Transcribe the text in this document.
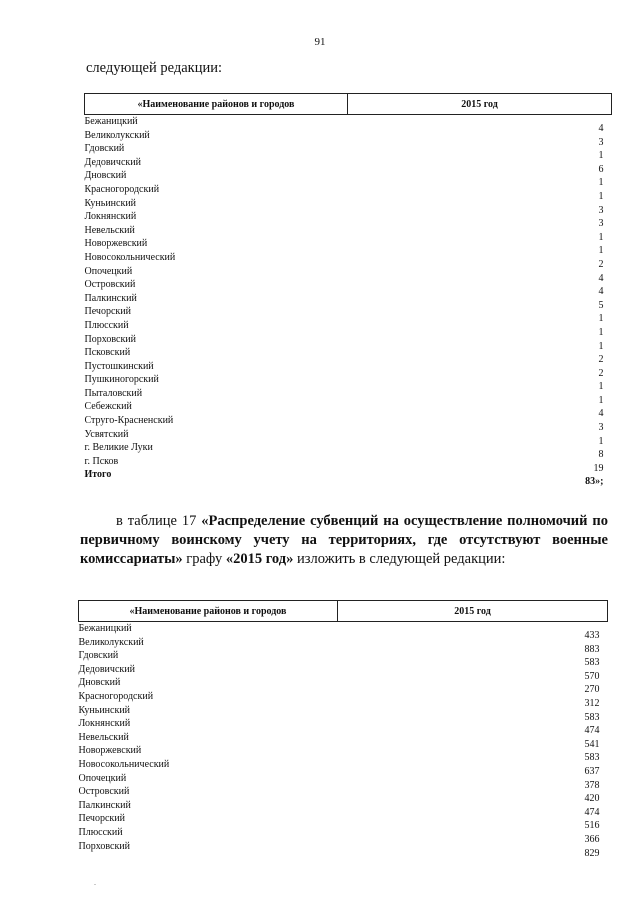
91
следующей редакции:
«Наименование районов и городов	2015 год
Бежаницкий	4
Великолукский	3
Гдовский	1
Дедовичский	6
Дновский	1
Красногородский	1
Куньинский	3
Локнянский	3
Невельский	1
Новоржевский	1
Новосокольнический	2
Опочецкий	4
Островский	4
Палкинский	5
Печорский	1
Плюсский	1
Порховский	1
Псковский	2
Пустошкинский	2
Пушкиногорский	1
Пыталовский	1
Себежский	4
Струго-Красненский	3
Усвятский	1
г. Великие Луки	8
г. Псков	19
Итого	83»;
в таблице 17 «Распределение субвенций на осуществление полномочий по первичному воинскому учету на территориях, где отсутствуют военные комиссариаты» графу «2015 год» изложить в следующей редакции:
«Наименование районов и городов	2015 год
Бежаницкий	433
Великолукский	883
Гдовский	583
Дедовичский	570
Дновский	270
Красногородский	312
Куньинский	583
Локнянский	474
Невельский	541
Новоржевский	583
Новосокольнический	637
Опочецкий	378
Островский	420
Палкинский	474
Печорский	516
Плюсский	366
Порховский	829
.
